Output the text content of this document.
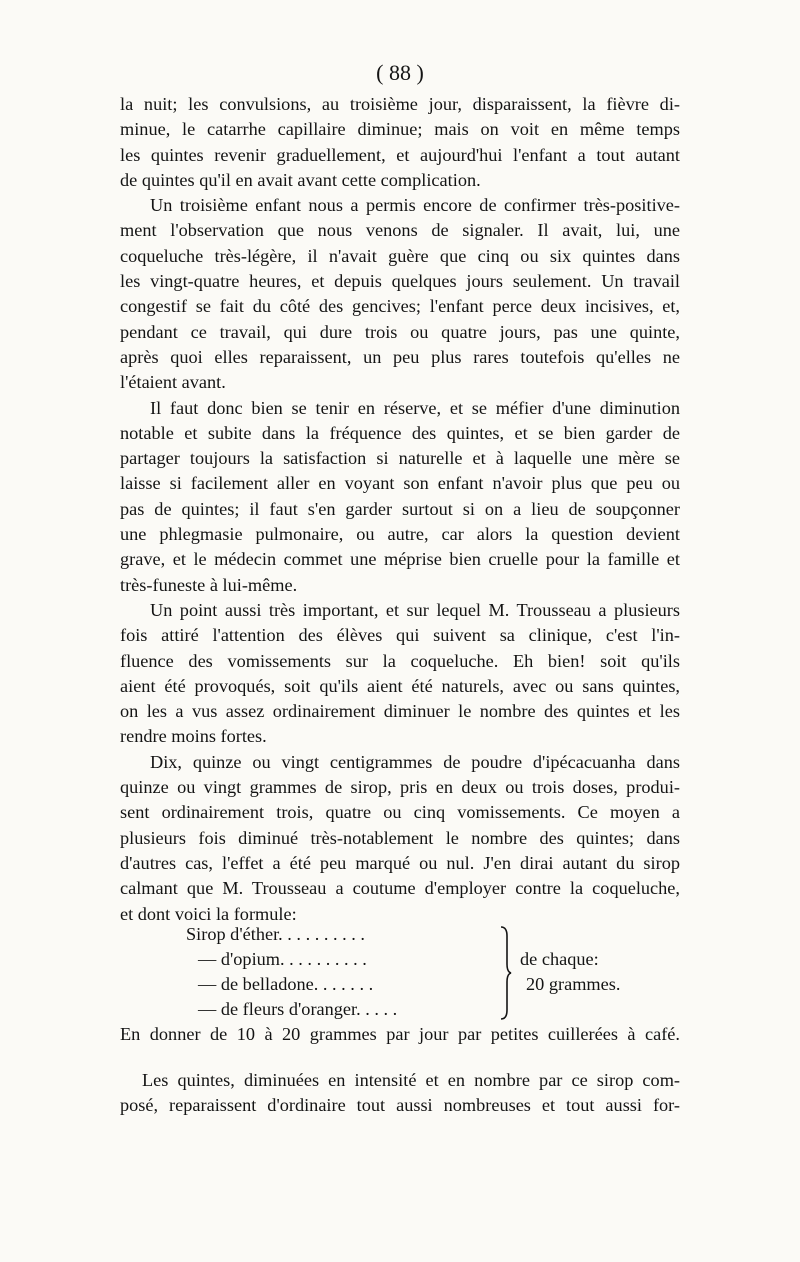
( 88 )
la nuit; les convulsions, au troisième jour, disparaissent, la fièvre di-
minue, le catarrhe capillaire diminue; mais on voit en même temps
les quintes revenir graduellement, et aujourd'hui l'enfant a tout autant
de quintes qu'il en avait avant cette complication.
Un troisième enfant nous a permis encore de confirmer très-positive-
ment l'observation que nous venons de signaler. Il avait, lui, une
coqueluche très-légère, il n'avait guère que cinq ou six quintes dans
les vingt-quatre heures, et depuis quelques jours seulement. Un travail
congestif se fait du côté des gencives; l'enfant perce deux incisives, et,
pendant ce travail, qui dure trois ou quatre jours, pas une quinte,
après quoi elles reparaissent, un peu plus rares toutefois qu'elles ne
l'étaient avant.
Il faut donc bien se tenir en réserve, et se méfier d'une diminution
notable et subite dans la fréquence des quintes, et se bien garder de
partager toujours la satisfaction si naturelle et à laquelle une mère se
laisse si facilement aller en voyant son enfant n'avoir plus que peu ou
pas de quintes; il faut s'en garder surtout si on a lieu de soupçonner
une phlegmasie pulmonaire, ou autre, car alors la question devient
grave, et le médecin commet une méprise bien cruelle pour la famille et
très-funeste à lui-même.
Un point aussi très important, et sur lequel M. Trousseau a plusieurs
fois attiré l'attention des élèves qui suivent sa clinique, c'est l'in-
fluence des vomissements sur la coqueluche. Eh bien! soit qu'ils
aient été provoqués, soit qu'ils aient été naturels, avec ou sans quintes,
on les a vus assez ordinairement diminuer le nombre des quintes et les
rendre moins fortes.
Dix, quinze ou vingt centigrammes de poudre d'ipécacuanha dans
quinze ou vingt grammes de sirop, pris en deux ou trois doses, produi-
sent ordinairement trois, quatre ou cinq vomissements. Ce moyen a
plusieurs fois diminué très-notablement le nombre des quintes; dans
d'autres cas, l'effet a été peu marqué ou nul. J'en dirai autant du sirop
calmant que M. Trousseau a coutume d'employer contre la coqueluche,
et dont voici la formule:
Sirop d'éther. . . . . . . . . .
— d'opium. . . . . . . . . .
— de belladone. . . . . . .
— de fleurs d'oranger. . . . .
de chaque:
20 grammes.
En donner de 10 à 20 grammes par jour par petites cuillerées à café.
Les quintes, diminuées en intensité et en nombre par ce sirop com-
posé, reparaissent d'ordinaire tout aussi nombreuses et tout aussi for-
